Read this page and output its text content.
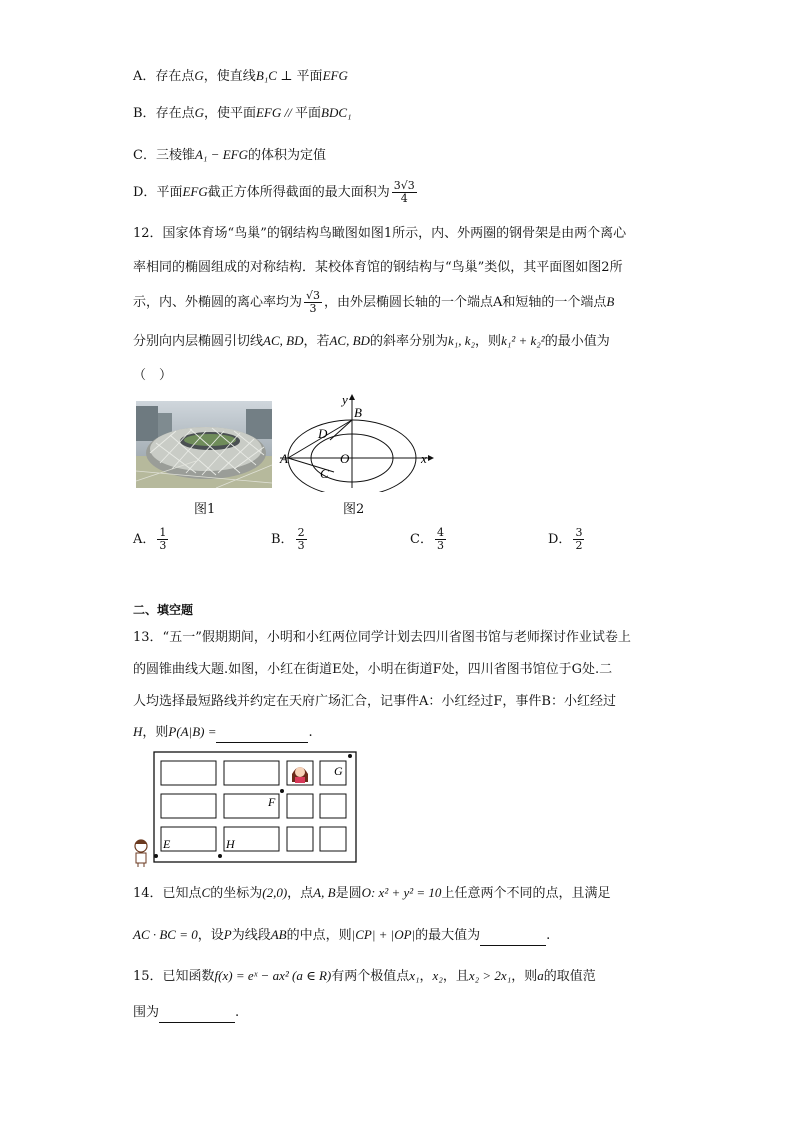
A．存在点G，使直线B₁C ⊥ 平面EFG
B．存在点G，使平面EFG // 平面BDC₁
C．三棱锥A₁ − EFG的体积为定值
D．平面EFG截正方体所得截面的最大面积为 $\frac{3√3}{4}$
12．国家体育场“鸟巢”的钢结构鸟瞰图如图1所示，内、外两圈的钢骨架是由两个离心
率相同的椭圆组成的对称结构．某校体育馆的钢结构与“鸟巢”类似，其平面图如图2所
示，内、外椭圆的离心率均为 $\frac{√3}{3}$ ，由外层椭圆长轴的一个端点A和短轴的一个端点B
分别向内层椭圆引切线AC, BD，若AC, BD的斜率分别为k₁, k₂，则k₁² + k₂²的最小值为
（　）
图1
y
x
A
B
C
D
O
图2
A． $\frac{1}{3}$	B． $\frac{2}{3}$	C． $\frac{4}{3}$	D． $\frac{3}{2}$
二、填空题
13．“五一”假期期间，小明和小红两位同学计划去四川省图书馆与老师探讨作业试卷上
的圆锥曲线大题.如图，小红在街道E处，小明在街道F处，四川省图书馆位于G处.二
人均选择最短路线并约定在天府广场汇合，记事件A：小红经过F，事件B：小红经过
H，则P(A|B) =	.
G
F
E	H
14．已知点C的坐标为(2,0)，点A, B是圆O: x² + y² = 10上任意两个不同的点，且满足
AC · BC = 0，设P为线段AB的中点，则|CP| + |OP|的最大值为	.
15．已知函数f(x) = eˣ − ax² (a ∈ R)有两个极值点x₁，x₂，且x₂ > 2x₁，则a的取值范
围为	.
